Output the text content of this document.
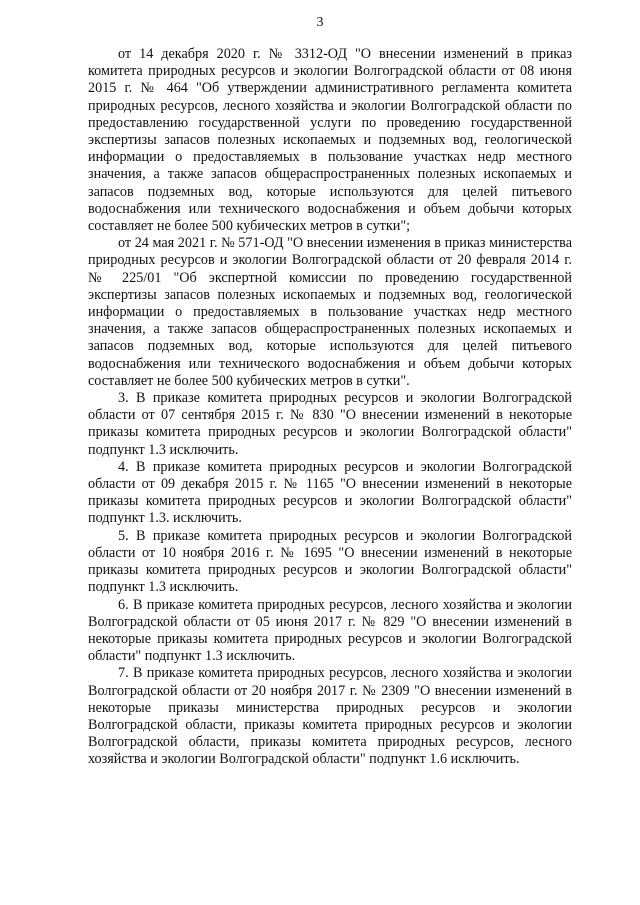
3

от 14 декабря 2020 г. № 3312-ОД "О внесении изменений в приказ комитета природных ресурсов и экологии Волгоградской области от 08 июня 2015 г. № 464 "Об утверждении административного регламента комитета природных ресурсов, лесного хозяйства и экологии Волгоградской области по предоставлению государственной услуги по проведению государственной экспертизы запасов полезных ископаемых и подземных вод, геологической информации о предоставляемых в пользование участках недр местного значения, а также запасов общераспространенных полезных ископаемых и запасов подземных вод, которые используются для целей питьевого водоснабжения или технического водоснабжения и объем добычи которых составляет не более 500 кубических метров в сутки";

от 24 мая 2021 г. № 571-ОД "О внесении изменения в приказ министерства природных ресурсов и экологии Волгоградской области от 20 февраля 2014 г. № 225/01 "Об экспертной комиссии по проведению государственной экспертизы запасов полезных ископаемых и подземных вод, геологической информации о предоставляемых в пользование участках недр местного значения, а также запасов общераспространенных полезных ископаемых и запасов подземных вод, которые используются для целей питьевого водоснабжения или технического водоснабжения и объем добычи которых составляет не более 500 кубических метров в сутки".

3. В приказе комитета природных ресурсов и экологии Волгоградской области от 07 сентября 2015 г. № 830 "О внесении изменений в некоторые приказы комитета природных ресурсов и экологии Волгоградской области" подпункт 1.3 исключить.

4. В приказе комитета природных ресурсов и экологии Волгоградской области от 09 декабря 2015 г. № 1165 "О внесении изменений в некоторые приказы комитета природных ресурсов и экологии Волгоградской области" подпункт 1.3. исключить.

5. В приказе комитета природных ресурсов и экологии Волгоградской области от 10 ноября 2016 г. № 1695 "О внесении изменений в некоторые приказы комитета природных ресурсов и экологии Волгоградской области" подпункт 1.3 исключить.

6. В приказе комитета природных ресурсов, лесного хозяйства и экологии Волгоградской области от 05 июня 2017 г. № 829 "О внесении изменений в некоторые приказы комитета природных ресурсов и экологии Волгоградской области" подпункт 1.3 исключить.

7. В приказе комитета природных ресурсов, лесного хозяйства и экологии Волгоградской области от 20 ноября 2017 г. № 2309 "О внесении изменений в некоторые приказы министерства природных ресурсов и экологии Волгоградской области, приказы комитета природных ресурсов и экологии Волгоградской области, приказы комитета природных ресурсов, лесного хозяйства и экологии Волгоградской области" подпункт 1.6 исключить.
